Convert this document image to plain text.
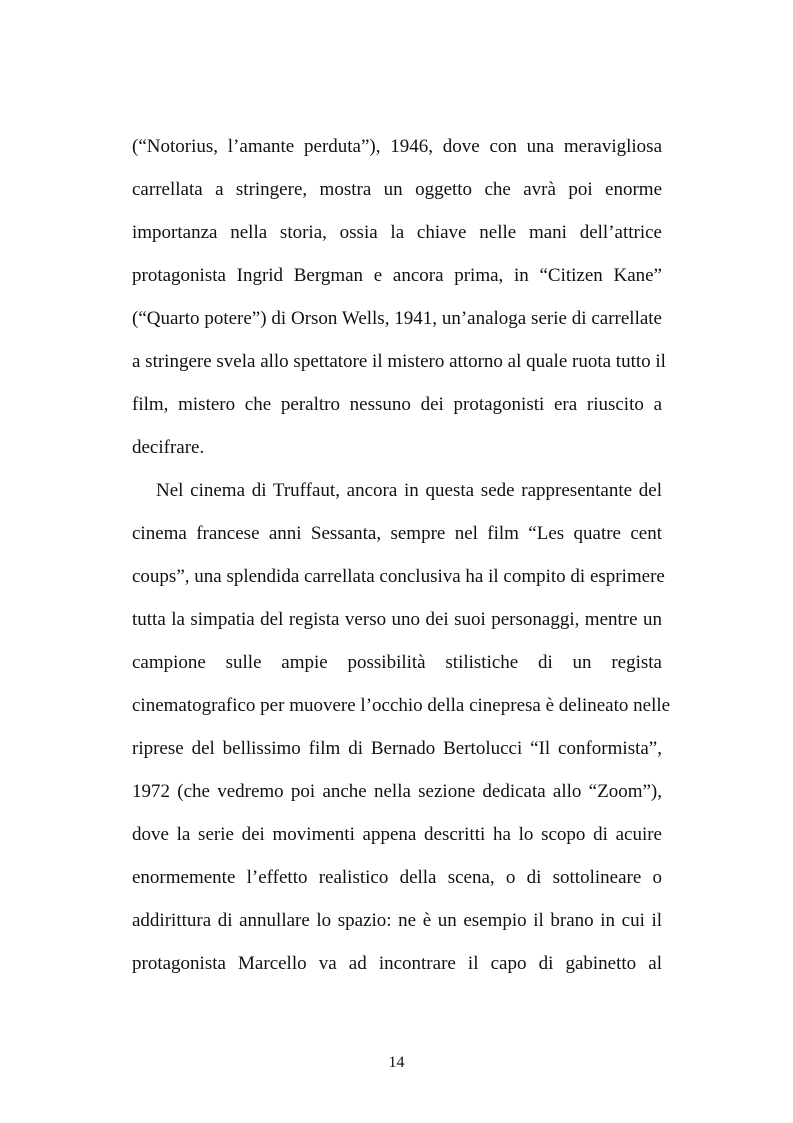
(“Notorius, l’amante perduta”), 1946, dove con una meravigliosa
carrellata a stringere, mostra un oggetto che avrà poi enorme
importanza nella storia, ossia la chiave nelle mani dell’attrice
protagonista Ingrid Bergman e ancora prima, in “Citizen Kane”
(“Quarto potere”) di Orson Wells, 1941, un’analoga serie di carrellate
a stringere svela allo spettatore il mistero attorno al quale ruota tutto il
film, mistero che peraltro nessuno dei protagonisti era riuscito a
decifrare.
Nel cinema di Truffaut, ancora in questa sede rappresentante del
cinema francese anni Sessanta, sempre nel film “Les quatre cent
coups”, una splendida carrellata conclusiva ha il compito di esprimere
tutta la simpatia del regista verso uno dei suoi personaggi, mentre un
campione sulle ampie possibilità stilistiche di un regista
cinematografico per muovere l’occhio della cinepresa è delineato nelle
riprese del bellissimo film di Bernado Bertolucci “Il conformista”,
1972 (che vedremo poi anche nella sezione dedicata allo “Zoom”),
dove la serie dei movimenti appena descritti ha lo scopo di acuire
enormemente l’effetto realistico della scena, o di sottolineare o
addirittura di annullare lo spazio: ne è un esempio il brano in cui il
protagonista Marcello va ad incontrare il capo di gabinetto al
14
